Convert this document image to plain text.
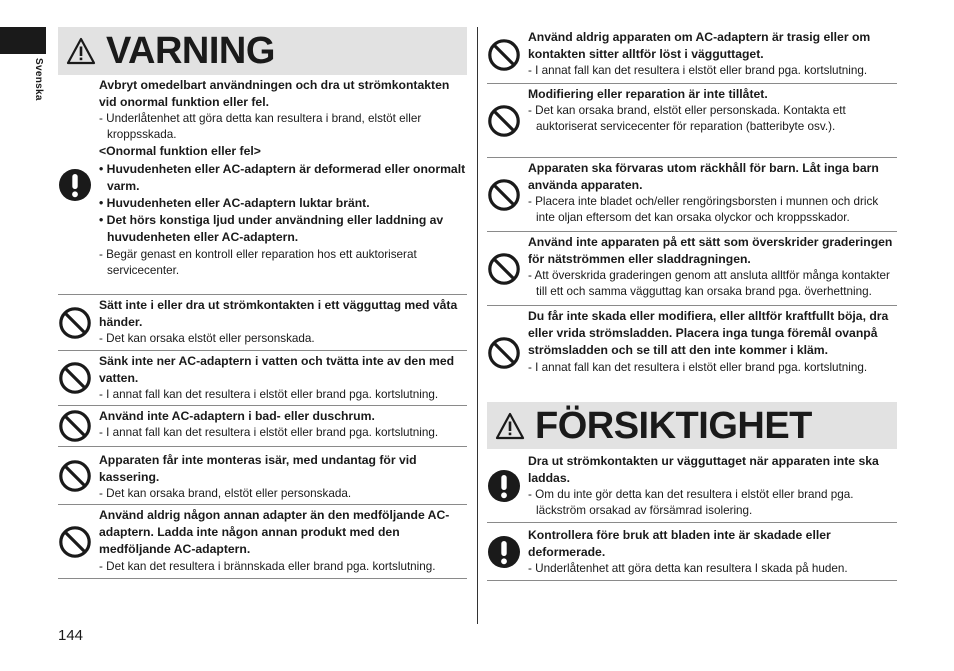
Svenska
VARNING
Avbryt omedelbart användningen och dra ut strömkontakten vid onormal funktion eller fel.
- Underlåtenhet att göra detta kan resultera i brand, elstöt eller kroppsskada.
<Onormal funktion eller fel>
• Huvudenheten eller AC-adaptern är deformerad eller onormalt varm.
• Huvudenheten eller AC-adaptern luktar bränt.
• Det hörs konstiga ljud under användning eller laddning av huvudenheten eller AC-adaptern.
- Begär genast en kontroll eller reparation hos ett auktoriserat servicecenter.
Sätt inte i eller dra ut strömkontakten i ett vägguttag med våta händer.
- Det kan orsaka elstöt eller personskada.
Sänk inte ner AC-adaptern i vatten och tvätta inte av den med vatten.
- I annat fall kan det resultera i elstöt eller brand pga. kortslutning.
Använd inte AC-adaptern i bad- eller duschrum.
- I annat fall kan det resultera i elstöt eller brand pga. kortslutning.
Apparaten får inte monteras isär, med undantag för vid kassering.
- Det kan orsaka brand, elstöt eller personskada.
Använd aldrig någon annan adapter än den medföljande AC-adaptern. Ladda inte någon annan produkt med den medföljande AC-adaptern.
- Det kan det resultera i brännskada eller brand pga. kortslutning.
Använd aldrig apparaten om AC-adaptern är trasig eller om kontakten sitter alltför löst i vägguttaget.
- I annat fall kan det resultera i elstöt eller brand pga. kortslutning.
Modifiering eller reparation är inte tillåtet.
- Det kan orsaka brand, elstöt eller personskada. Kontakta ett auktoriserat servicecenter för reparation (batteribyte osv.).
Apparaten ska förvaras utom räckhåll för barn. Låt inga barn använda apparaten.
- Placera inte bladet och/eller rengöringsborsten i munnen och drick inte oljan eftersom det kan orsaka olyckor och kroppsskador.
Använd inte apparaten på ett sätt som överskrider graderingen för nätströmmen eller sladdragningen.
- Att överskrida graderingen genom att ansluta alltför många kontakter till ett och samma vägguttag kan orsaka brand pga. överhettning.
Du får inte skada eller modifiera, eller alltför kraftfullt böja, dra eller vrida strömsladden. Placera inga tunga föremål ovanpå strömsladden och se till att den inte kommer i kläm.
- I annat fall kan det resultera i elstöt eller brand pga. kortslutning.
FÖRSIKTIGHET
Dra ut strömkontakten ur vägguttaget när apparaten inte ska laddas.
- Om du inte gör detta kan det resultera i elstöt eller brand pga. läckström orsakad av försämrad isolering.
Kontrollera före bruk att bladen inte är skadade eller deformerade.
- Underlåtenhet att göra detta kan resultera I skada på huden.
144
